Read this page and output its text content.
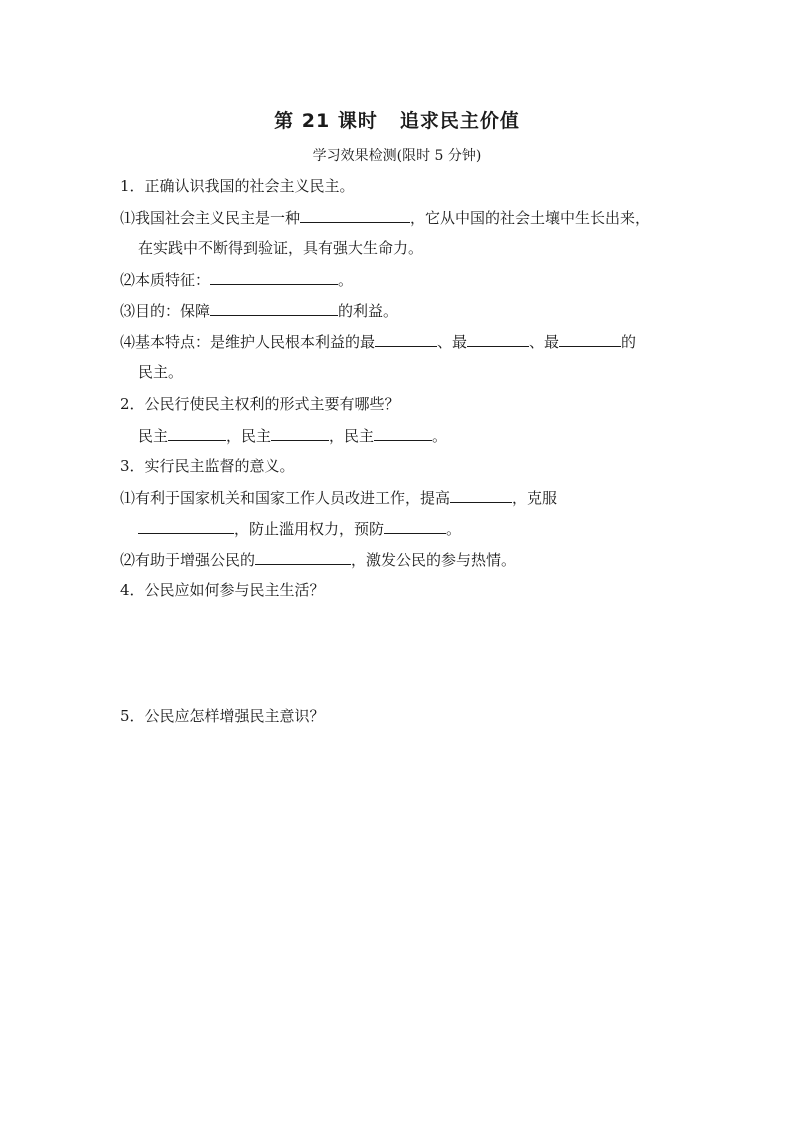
第 21 课时 追求民主价值
学习效果检测(限时 5 分钟)
1．正确认识我国的社会主义民主。
⑴我国社会主义民主是一种	，它从中国的社会土壤中生长出来，
在实践中不断得到验证，具有强大生命力。
⑵本质特征：	。
⑶目的：保障	的利益。
⑷基本特点：是维护人民根本利益的最	、最	、最	的
民主。
2．公民行使民主权利的形式主要有哪些？
民主	，民主	，民主	。
3．实行民主监督的意义。
⑴有利于国家机关和国家工作人员改进工作，提高	，克服
，防止滥用权力，预防	。
⑵有助于增强公民的	，激发公民的参与热情。
4．公民应如何参与民主生活？
5．公民应怎样增强民主意识？
